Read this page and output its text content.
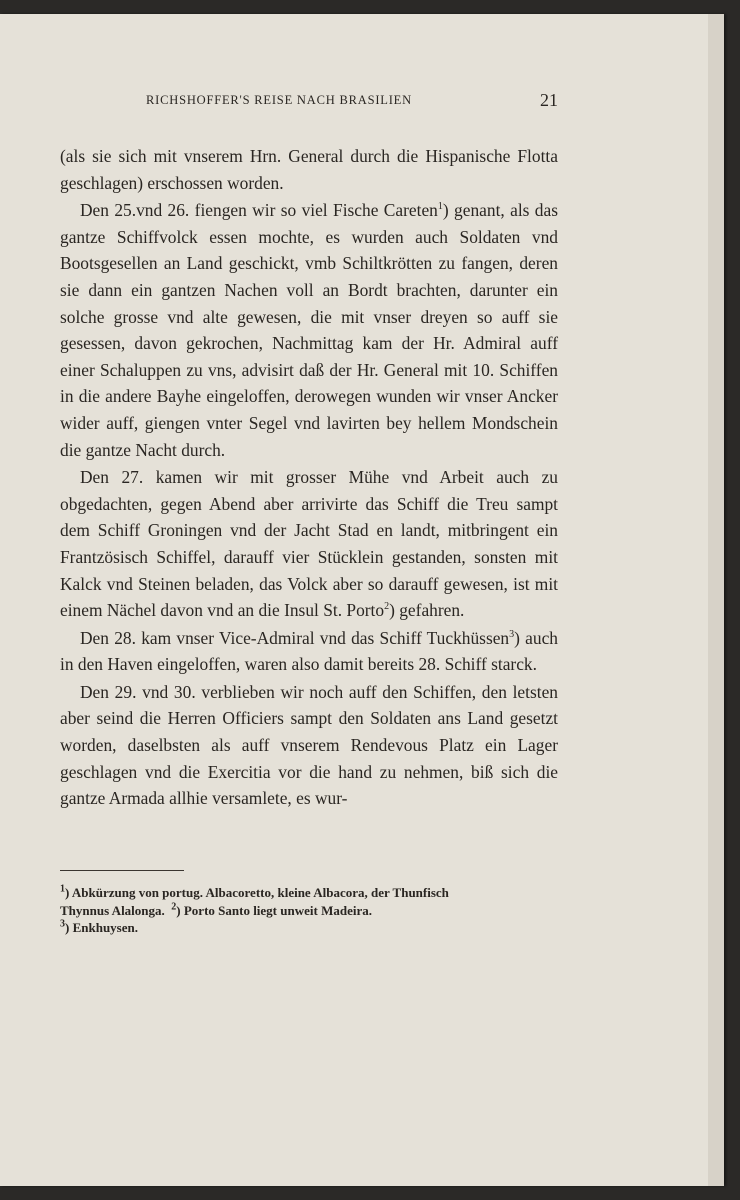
RICHSHOFFER'S REISE NACH BRASILIEN	21

(als sie sich mit vnserem Hrn. General durch die Hispanische Flotta geschlagen) erschossen worden.

Den 25.vnd 26. fiengen wir so viel Fische Careten$^1$) genant, als das gantze Schiffvolck essen mochte, es wurden auch Soldaten vnd Bootsgesellen an Land geschickt, vmb Schiltkrötten zu fangen, deren sie dann ein gantzen Nachen voll an Bordt brachten, darunter ein solche grosse vnd alte gewesen, die mit vnser dreyen so auff sie gesessen, davon gekrochen, Nachmittag kam der Hr. Admiral auff einer Schaluppen zu vns, advisirt daß der Hr. General mit 10. Schiffen in die andere Bayhe eingeloffen, derowegen wunden wir vnser Ancker wider auff, giengen vnter Segel vnd lavirten bey hellem Mondschein die gantze Nacht durch.

Den 27. kamen wir mit grosser Mühe vnd Arbeit auch zu obgedachten, gegen Abend aber arrivirte das Schiff die Treu sampt dem Schiff Groningen vnd der Jacht Stad en landt, mitbringent ein Frantzösisch Schiffel, darauff vier Stücklein gestanden, sonsten mit Kalck vnd Steinen beladen, das Volck aber so darauff gewesen, ist mit einem Nächel davon vnd an die Insul St. Porto$^2$) gefahren.

Den 28. kam vnser Vice-Admiral vnd das Schiff Tuckhüssen$^3$) auch in den Haven eingeloffen, waren also damit bereits 28. Schiff starck.

Den 29. vnd 30. verblieben wir noch auff den Schiffen, den letsten aber seind die Herren Officiers sampt den Soldaten ans Land gesetzt worden, daselbsten als auff vnserem Rendevous Platz ein Lager geschlagen vnd die Exercitia vor die hand zu nehmen, biß sich die gantze Armada allhie versamlete, es wur-

$^1$) Abkürzung von portug. Albacoretto, kleine Albacora, der Thunfisch

Thynnus Alalonga. $^2$) Porto Santo liegt unweit Madeira.

$^3$) Enkhuysen.
